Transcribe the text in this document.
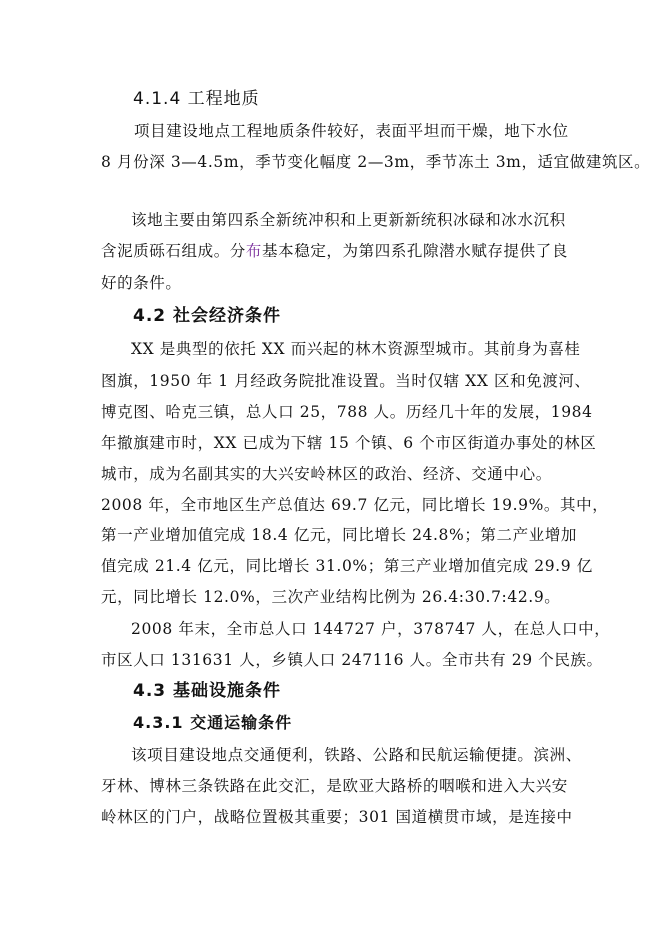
4.1.4 工程地质
项目建设地点工程地质条件较好，表面平坦而干燥，地下水位
8 月份深 3—4.5m，季节变化幅度 2—3m，季节冻土 3m，适宜做建筑区。
该地主要由第四系全新统冲积和上更新新统积冰碌和冰水沉积
含泥质砾石组成。分布基本稳定，为第四系孔隙潜水赋存提供了良
好的条件。
4.2 社会经济条件
XX 是典型的依托 XX 而兴起的林木资源型城市。其前身为喜桂
图旗，1950 年 1 月经政务院批准设置。当时仅辖 XX 区和免渡河、
博克图、哈克三镇，总人口 25，788 人。历经几十年的发展，1984
年撤旗建市时，XX 已成为下辖 15 个镇、6 个市区街道办事处的林区
城市，成为名副其实的大兴安岭林区的政治、经济、交通中心。
2008 年，全市地区生产总值达 69.7 亿元，同比增长 19.9%。其中，
第一产业增加值完成 18.4 亿元，同比增长 24.8%；第二产业增加
值完成 21.4 亿元，同比增长 31.0%；第三产业增加值完成 29.9 亿
元，同比增长 12.0%，三次产业结构比例为 26.4:30.7:42.9。
2008 年末，全市总人口 144727 户，378747 人，在总人口中，
市区人口 131631 人，乡镇人口 247116 人。全市共有 29 个民族。
4.3 基础设施条件
4.3.1 交通运输条件
该项目建设地点交通便利，铁路、公路和民航运输便捷。滨洲、
牙林、博林三条铁路在此交汇，是欧亚大路桥的咽喉和进入大兴安
岭林区的门户，战略位置极其重要；301 国道横贯市域，是连接中
